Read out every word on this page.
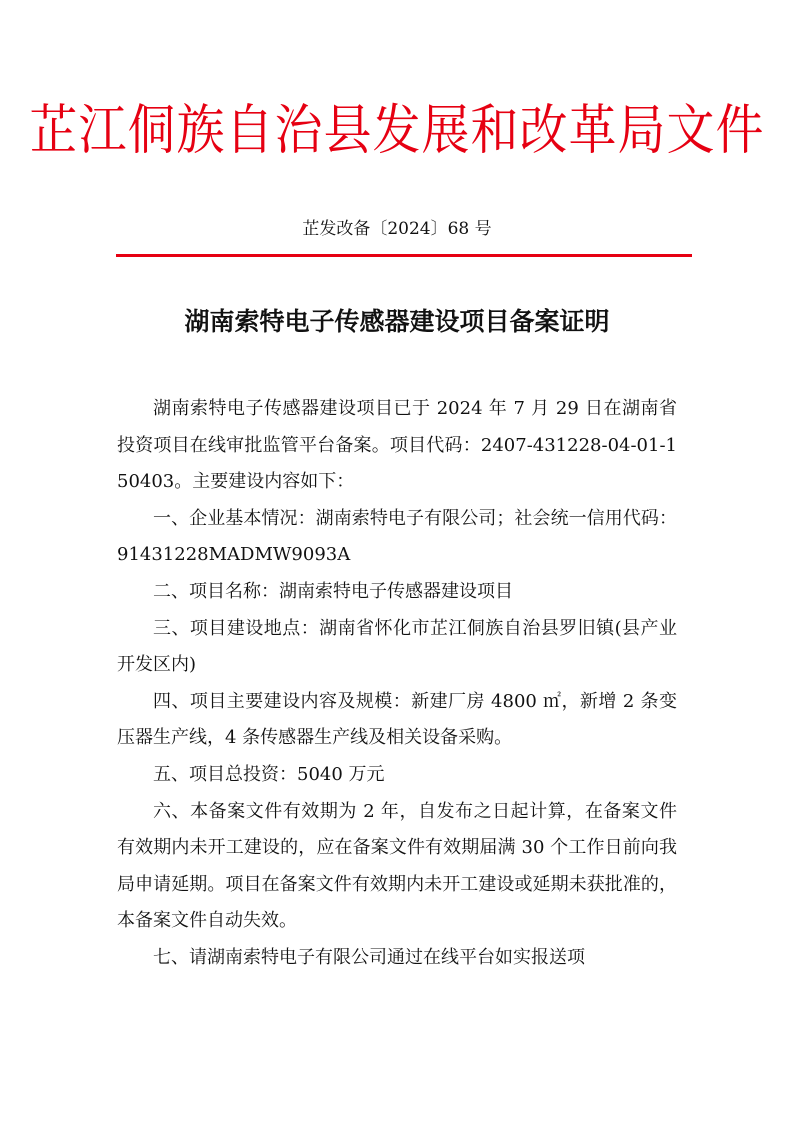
芷江侗族自治县发展和改革局文件
芷发改备〔2024〕68 号
湖南索特电子传感器建设项目备案证明

湖南索特电子传感器建设项目已于 2024 年 7 月 29 日在湖南省投资项目在线审批监管平台备案。项目代码：2407-431228-04-01-150403。主要建设内容如下：

一、企业基本情况：湖南索特电子有限公司；社会统一信用代码：91431228MADMW9093A

二、项目名称：湖南索特电子传感器建设项目

三、项目建设地点：湖南省怀化市芷江侗族自治县罗旧镇(县产业开发区内)

四、项目主要建设内容及规模：新建厂房 4800 ㎡，新增 2 条变压器生产线，4 条传感器生产线及相关设备采购。

五、项目总投资：5040 万元

六、本备案文件有效期为 2 年，自发布之日起计算，在备案文件有效期内未开工建设的，应在备案文件有效期届满 30 个工作日前向我局申请延期。项目在备案文件有效期内未开工建设或延期未获批准的，本备案文件自动失效。

七、请湖南索特电子有限公司通过在线平台如实报送项
